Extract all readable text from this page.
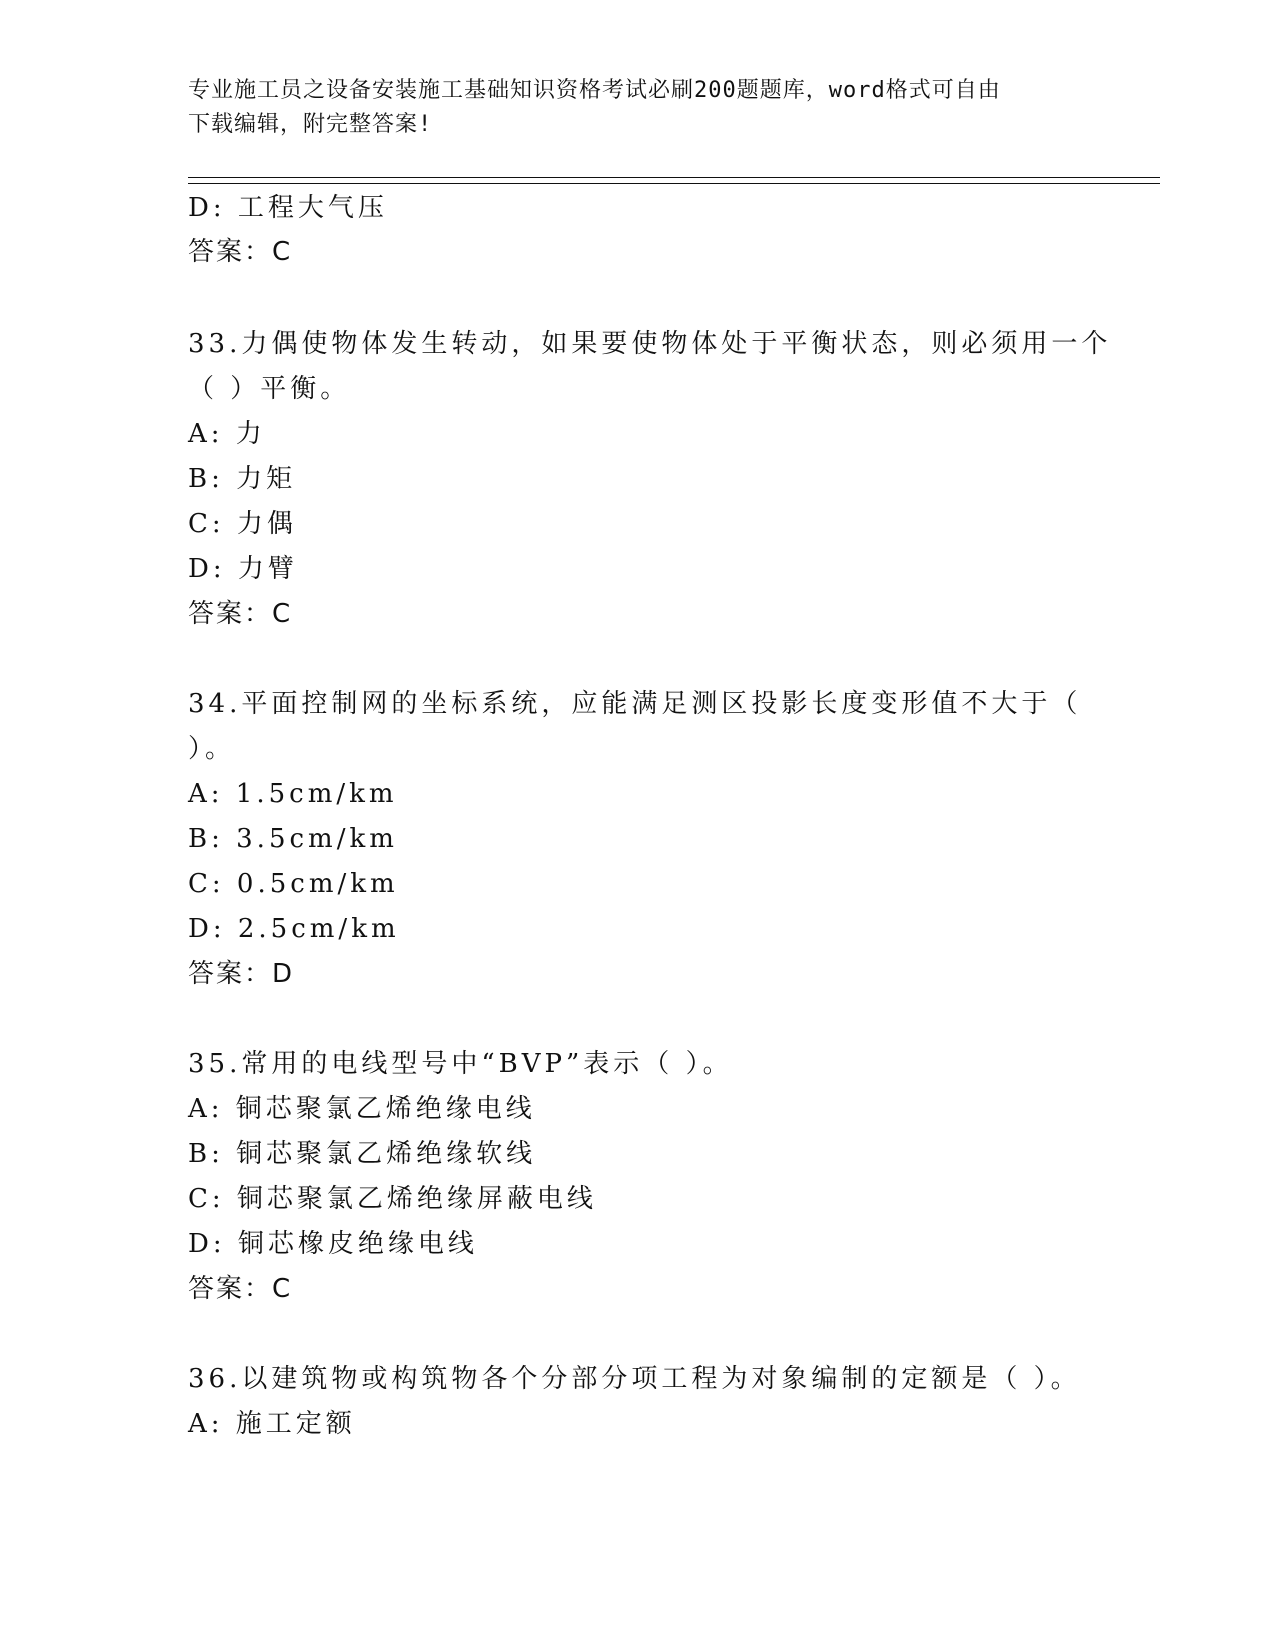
专业施工员之设备安装施工基础知识资格考试必刷200题题库，word格式可自由
下载编辑，附完整答案!
D: 工程大气压
答案：C
33.力偶使物体发生转动，如果要使物体处于平衡状态，则必须用一个
（ ）平衡。
A: 力
B: 力矩
C: 力偶
D: 力臂
答案：C
34.平面控制网的坐标系统，应能满足测区投影长度变形值不大于（
）。
A: 1.5cm/km
B: 3.5cm/km
C: 0.5cm/km
D: 2.5cm/km
答案：D
35.常用的电线型号中“BVP”表示（ ）。
A: 铜芯聚氯乙烯绝缘电线
B: 铜芯聚氯乙烯绝缘软线
C: 铜芯聚氯乙烯绝缘屏蔽电线
D: 铜芯橡皮绝缘电线
答案：C
36.以建筑物或构筑物各个分部分项工程为对象编制的定额是（ ）。
A: 施工定额
